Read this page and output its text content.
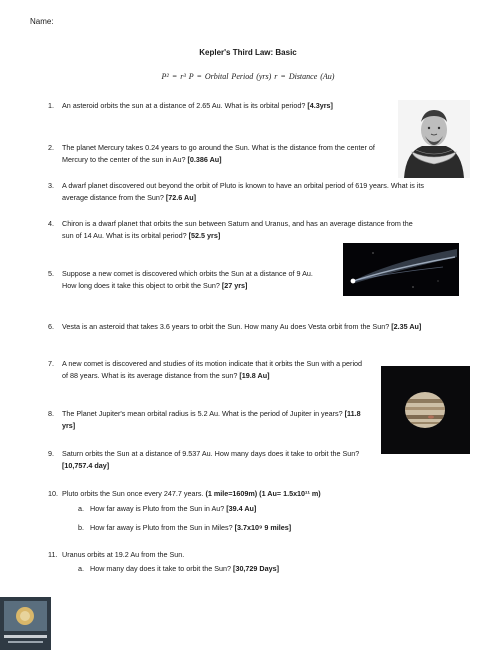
Name:
Kepler's Third Law: Basic
P² = r³ P = Orbital Period (yrs) r = Distance (Au)
1. An asteroid orbits the sun at a distance of 2.65 Au. What is its orbital period? [4.3yrs]
2. The planet Mercury takes 0.24 years to go around the Sun. What is the distance from the center of Mercury to the center of the sun in Au? [0.386 Au]
3. A dwarf planet discovered out beyond the orbit of Pluto is known to have an orbital period of 619 years. What is its average distance from the Sun? [72.6 Au]
4. Chiron is a dwarf planet that orbits the sun between Saturn and Uranus, and has an average distance from the sun of 14 Au. What is its orbital period? [52.5 yrs]
5. Suppose a new comet is discovered which orbits the Sun at a distance of 9 Au. How long does it take this object to orbit the Sun? [27 yrs]
6. Vesta is an asteroid that takes 3.6 years to orbit the Sun. How many Au does Vesta orbit from the Sun? [2.35 Au]
7. A new comet is discovered and studies of its motion indicate that it orbits the Sun with a period of 88 years. What is its average distance from the sun? [19.8 Au]
8. The Planet Jupiter's mean orbital radius is 5.2 Au. What is the period of Jupiter in years? [11.8 yrs]
9. Saturn orbits the Sun at a distance of 9.537 Au. How many days does it take to orbit the Sun? [10,757.4 day]
10. Pluto orbits the Sun once every 247.7 years. (1 mile=1609m) (1 Au= 1.5x10¹¹ m)
a. How far away is Pluto from the Sun in Au? [39.4 Au]
b. How far away is Pluto from the Sun in Miles? [3.7x10⁹ 9 miles]
11. Uranus orbits at 19.2 Au from the Sun.
a. How many day does it take to orbit the Sun? [30,729 Days]
